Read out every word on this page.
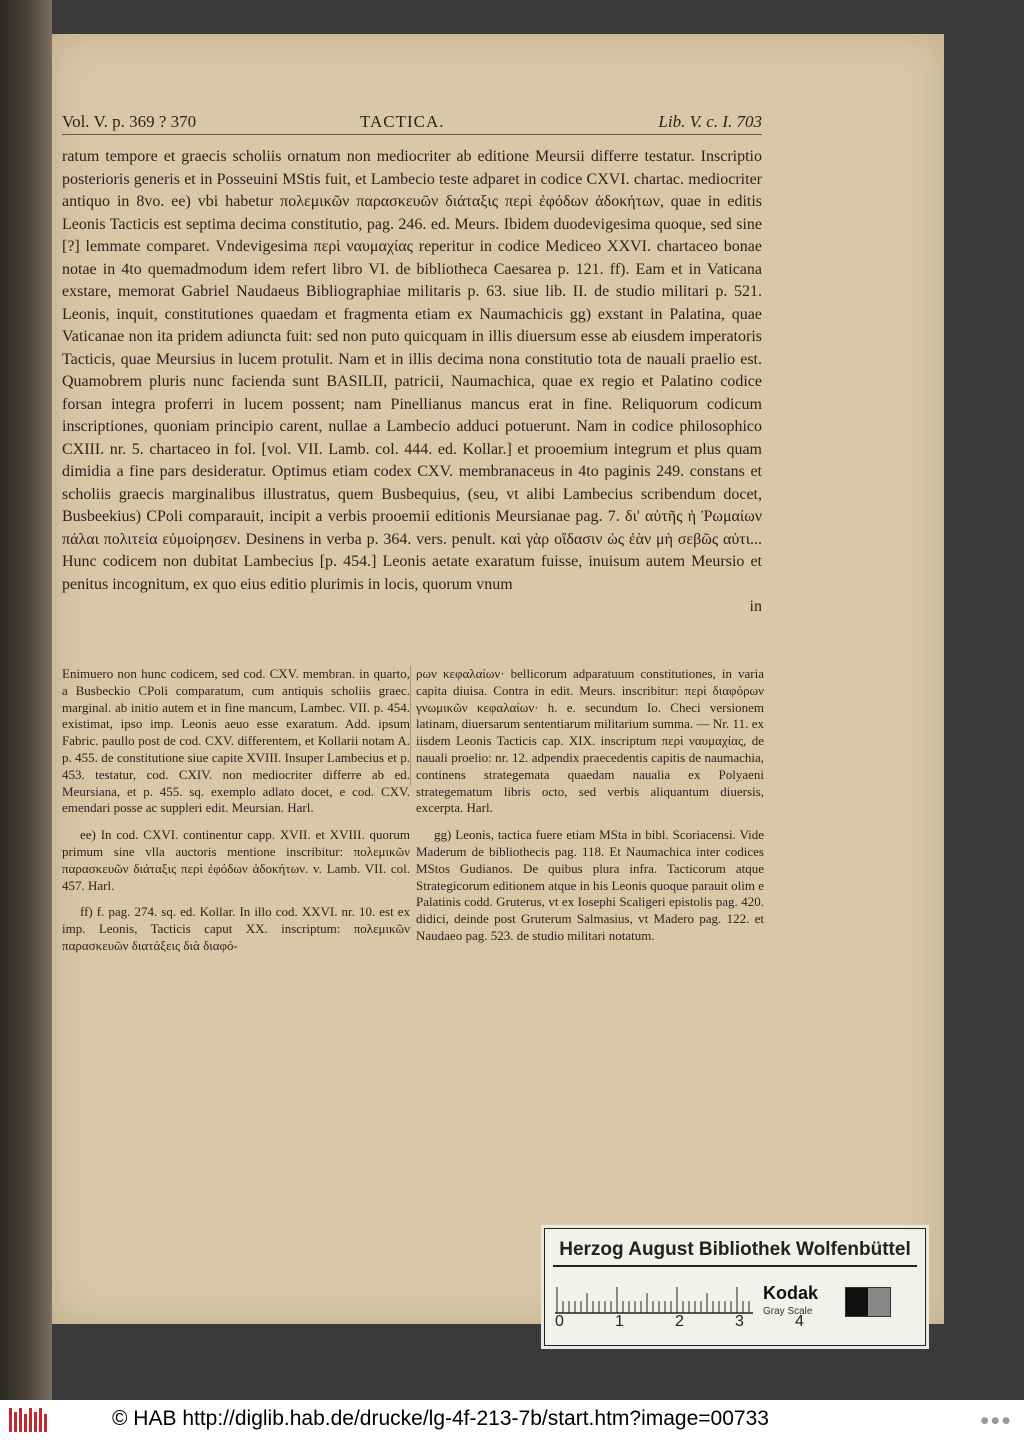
Vol. V. p. 369 ? 370	TACTICA.	Lib. V. c. I. 703

ratum tempore et graecis scholiis ornatum non mediocriter ab editione Meursii differre testatur. Inscriptio posterioris generis et in Posseuini MStis fuit, et Lambecio teste adparet in codice CXVI. chartac. mediocriter antiquo in 8vo. ee) vbi habetur πολεμικῶν παρασκευῶν διάταξις περὶ ἐφόδων ἀδοκήτων, quae in editis Leonis Tacticis est septima decima constitutio, pag. 246. ed. Meurs. Ibidem duodevigesima quoque, sed sine [?] lemmate comparet. Vndevigesima περὶ ναυμαχίας reperitur in codice Mediceo XXVI. chartaceo bonae notae in 4to quemadmodum idem refert libro VI. de bibliotheca Caesarea p. 121. ff). Eam et in Vaticana exstare, memorat Gabriel Naudaeus Bibliographiae militaris p. 63. siue lib. II. de studio militari p. 521. Leonis, inquit, constitutiones quaedam et fragmenta etiam ex Naumachicis gg) exstant in Palatina, quae Vaticanae non ita pridem adiuncta fuit: sed non puto quicquam in illis diuersum esse ab eiusdem imperatoris Tacticis, quae Meursius in lucem protulit. Nam et in illis decima nona constitutio tota de nauali praelio est. Quamobrem pluris nunc facienda sunt BASILII, patricii, Naumachica, quae ex regio et Palatino codice forsan integra proferri in lucem possent; nam Pinellianus mancus erat in fine. Reliquorum codicum inscriptiones, quoniam principio carent, nullae a Lambecio adduci potuerunt. Nam in codice philosophico CXIII. nr. 5. chartaceo in fol. [vol. VII. Lamb. col. 444. ed. Kollar.] et prooemium integrum et plus quam dimidia a fine pars desideratur. Optimus etiam codex CXV. membranaceus in 4to paginis 249. constans et scholiis graecis marginalibus illustratus, quem Busbequius, (seu, vt alibi Lambecius scribendum docet, Busbeekius) CPoli comparauit, incipit a verbis prooemii editionis Meursianae pag. 7. δι' αὐτῆς ἡ Ῥωμαίων πάλαι πολιτεία εὐμοίρησεν. Desinens in verba p. 364. vers. penult. καὶ γὰρ οἴδασιν ὡς ἐὰν μὴ σεβῶς αὐτι... Hunc codicem non dubitat Lambecius [p. 454.] Leonis aetate exaratum fuisse, inuisum autem Meursio et penitus incognitum, ex quo eius editio plurimis in locis, quorum vnum

in

Enimuero non hunc codicem, sed cod. CXV. membran. in quarto, a Busbeckio CPoli comparatum, cum antiquis scholiis graec. marginal. ab initio autem et in fine mancum, Lambec. VII. p. 454. existimat, ipso imp. Leonis aeuo esse exaratum. Add. ipsum Fabric. paullo post de cod. CXV. differentem, et Kollarii notam A. p. 455. de constitutione siue capite XVIII. Insuper Lambecius et p. 453. testatur, cod. CXIV. non mediocriter differre ab ed. Meursiana, et p. 455. sq. exemplo adlato docet, e cod. CXV. emendari posse ac suppleri edit. Meursian. Harl.

ee) In cod. CXVI. continentur capp. XVII. et XVIII. quorum primum sine vlla auctoris mentione inscribitur: πολεμικῶν παρασκευῶν διάταξις περὶ ἐφόδων ἀδοκήτων. v. Lamb. VII. col. 457. Harl.

ff) f. pag. 274. sq. ed. Kollar. In illo cod. XXVI. nr. 10. est ex imp. Leonis, Tacticis caput XX. inscriptum: πολεμικῶν παρασκευῶν διατάξεις διὰ διαφό-

ρων κεφαλαίων· bellicorum adparatuum constitutiones, in varia capita diuisa. Contra in edit. Meurs. inscribitur: περὶ διαφόρων γνωμικῶν κεφαλαίων· h. e. secundum Io. Checi versionem latinam, diuersarum sententiarum militarium summa. — Nr. 11. ex iisdem Leonis Tacticis cap. XIX. inscriptum περὶ ναυμαχίας, de nauali proelio: nr. 12. adpendix praecedentis capitis de naumachia, continens strategemata quaedam naualia ex Polyaeni strategematum libris octo, sed verbis aliquantum diuersis, excerpta. Harl.

gg) Leonis, tactica fuere etiam MSta in bibl. Scoriacensi. Vide Maderum de bibliothecis pag. 118. Et Naumachica inter codices MStos Gudianos. De quibus plura infra. Tacticorum atque Strategicorum editionem atque in his Leonis quoque parauit olim e Palatinis codd. Gruterus, vt ex Iosephi Scaligeri epistolis pag. 420. didici, deinde post Gruterum Salmasius, vt Madero pag. 122. et Naudaeo pag. 523. de studio militari notatum.

Herzog August Bibliothek Wolfenbüttel
0	1	2	3	4
Kodak
Gray Scale
© HAB http://diglib.hab.de/drucke/lg-4f-213-7b/start.htm?image=00733	● ● ●
